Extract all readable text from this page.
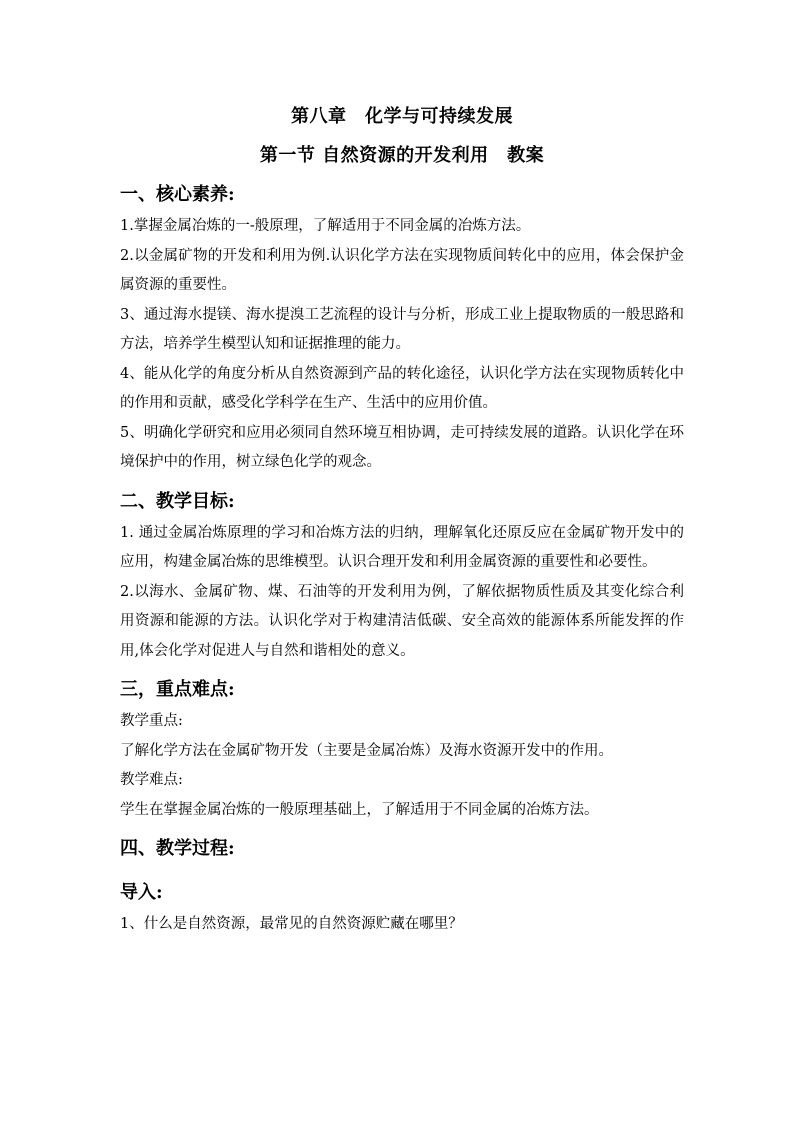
第八章　化学与可持续发展
第一节 自然资源的开发利用　教案
一、核心素养:
1.掌握金属冶炼的一-般原理，了解适用于不同金属的冶炼方法。
2.以金属矿物的开发和利用为例.认识化学方法在实现物质间转化中的应用，体会保护金属资源的重要性。
3、通过海水提镁、海水提溴工艺流程的设计与分析，形成工业上提取物质的一般思路和方法，培养学生模型认知和证据推理的能力。
4、能从化学的角度分析从自然资源到产品的转化途径，认识化学方法在实现物质转化中的作用和贡献，感受化学科学在生产、生活中的应用价值。
5、明确化学研究和应用必须同自然环境互相协调，走可持续发展的道路。认识化学在环境保护中的作用，树立绿色化学的观念。
二、教学目标:
1. 通过金属冶炼原理的学习和冶炼方法的归纳，理解氧化还原反应在金属矿物开发中的应用，构建金属冶炼的思维模型。认识合理开发和利用金属资源的重要性和必要性。
2.以海水、金属矿物、煤、石油等的开发利用为例，了解依据物质性质及其变化综合利用资源和能源的方法。认识化学对于构建清洁低碳、安全高效的能源体系所能发挥的作用,体会化学对促进人与自然和谐相处的意义。
三，重点难点:
教学重点:
了解化学方法在金属矿物开发（主要是金属冶炼）及海水资源开发中的作用。
教学难点:
学生在掌握金属冶炼的一般原理基础上，了解适用于不同金属的冶炼方法。
四、教学过程:
导入:
1、什么是自然资源，最常见的自然资源贮藏在哪里？
